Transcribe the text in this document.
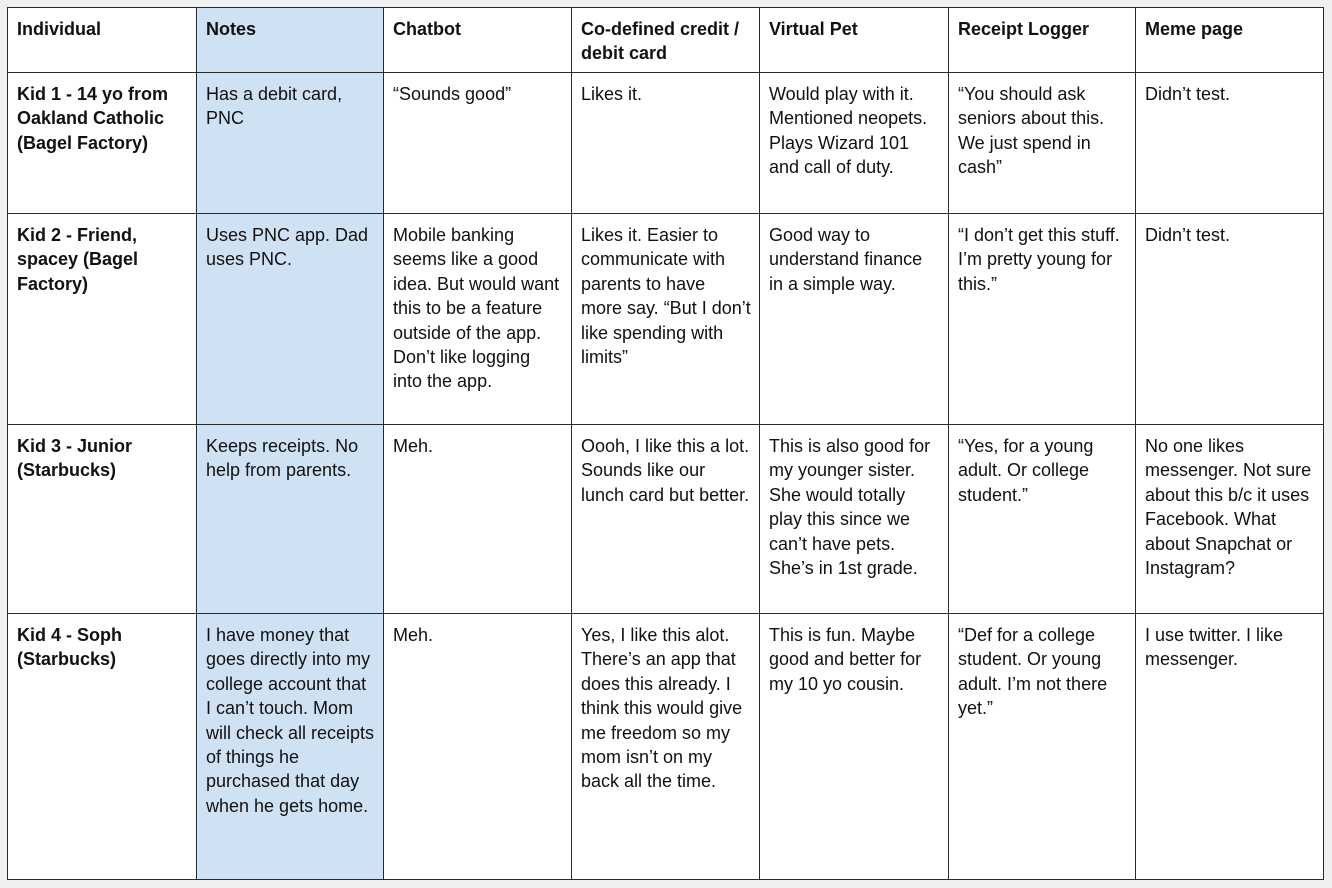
Individual	Notes	Chatbot	Co-defined credit / debit card	Virtual Pet	Receipt Logger	Meme page
Kid 1 - 14 yo from Oakland Catholic (Bagel Factory)	Has a debit card, PNC	“Sounds good”	Likes it.	Would play with it. Mentioned neopets. Plays Wizard 101 and call of duty.	“You should ask seniors about this. We just spend in cash”	Didn’t test.
Kid 2 - Friend, spacey (Bagel Factory)	Uses PNC app. Dad uses PNC.	Mobile banking seems like a good idea. But would want this to be a feature outside of the app. Don’t like logging into the app.	Likes it. Easier to communicate with parents to have more say. “But I don’t like spending with limits”	Good way to understand finance in a simple way.	“I don’t get this stuff. I’m pretty young for this.”	Didn’t test.
Kid 3 - Junior (Starbucks)	Keeps receipts. No help from parents.	Meh.	Oooh, I like this a lot. Sounds like our lunch card but better.	This is also good for my younger sister. She would totally play this since we can’t have pets. She’s in 1st grade.	“Yes, for a young adult. Or college student.”	No one likes messenger. Not sure about this b/c it uses Facebook. What about Snapchat or Instagram?
Kid 4 - Soph (Starbucks)	I have money that goes directly into my college account that I can’t touch. Mom will check all receipts of things he purchased that day when he gets home.	Meh.	Yes, I like this alot. There’s an app that does this already. I think this would give me freedom so my mom isn’t on my back all the time.	This is fun. Maybe good and better for my 10 yo cousin.	“Def for a college student. Or young adult. I’m not there yet.”	I use twitter. I like messenger.
